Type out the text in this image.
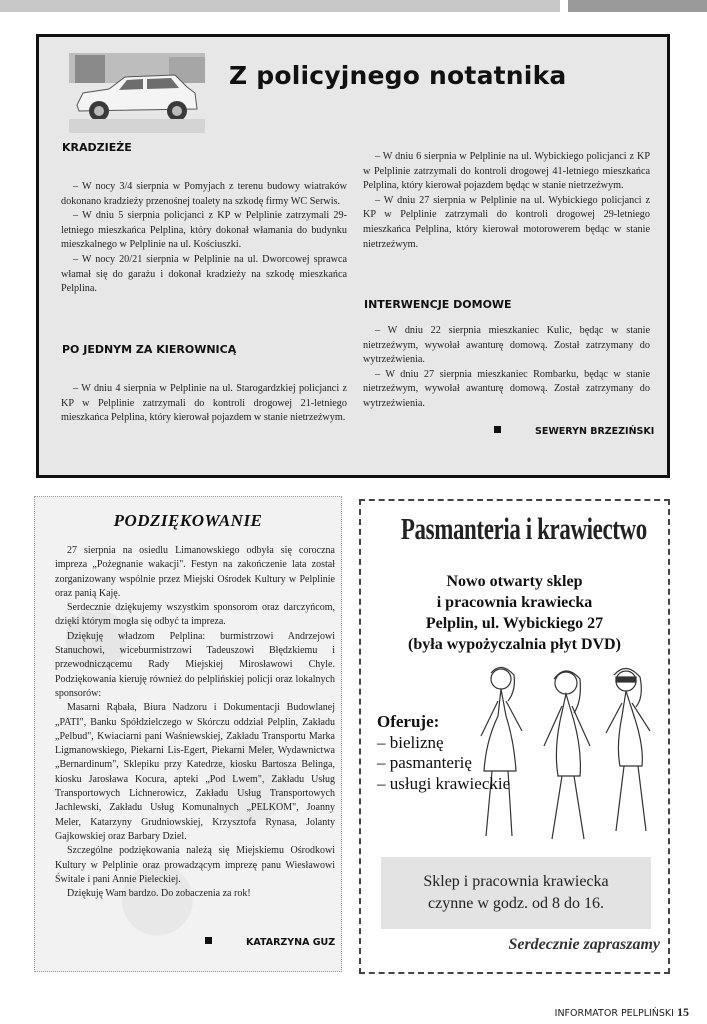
Z policyjnego notatnika
KRADZIEŻE

– W nocy 3/4 sierpnia w Pomyjach z terenu budowy wiatraków dokonano kradzieży przenośnej toalety na szkodę firmy WC Serwis.

– W dniu 5 sierpnia policjanci z KP w Pelplinie zatrzymali 29-letniego mieszkańca Pelplina, który dokonał włamania do budynku mieszkalnego w Pelplinie na ul. Kościuszki.

– W nocy 20/21 sierpnia w Pelplinie na ul. Dworcowej sprawca włamał się do garażu i dokonał kradzieży na szkodę mieszkańca Pelplina.

PO JEDNYM ZA KIEROWNICĄ

– W dniu 4 sierpnia w Pelplinie na ul. Starogardzkiej policjanci z KP w Pelplinie zatrzymali do kontroli drogowej 21-letniego mieszkańca Pelplina, który kierował pojazdem w stanie nietrzeźwym.

– W dniu 6 sierpnia w Pelplinie na ul. Wybickiego policjanci z KP w Pelplinie zatrzymali do kontroli drogowej 41-letniego mieszkańca Pelplina, który kierował pojazdem będąc w stanie nietrzeźwym.

– W dniu 27 sierpnia w Pelplinie na ul. Wybickiego policjanci z KP w Pelplinie zatrzymali do kontroli drogowej 29-letniego mieszkańca Pelplina, który kierował motorowerem będąc w stanie nietrzeźwym.

INTERWENCJE DOMOWE

– W dniu 22 sierpnia mieszkaniec Kulic, będąc w stanie nietrzeźwym, wywołał awanturę domową. Został zatrzymany do wytrzeźwienia.

– W dniu 27 sierpnia mieszkaniec Rombarku, będąc w stanie nietrzeźwym, wywołał awanturę domową. Został zatrzymany do wytrzeźwienia.

SEWERYN BRZEZIŃSKI
PODZIĘKOWANIE

27 sierpnia na osiedlu Limanowskiego odbyła się coroczna impreza „Pożegnanie wakacji". Festyn na zakończenie lata został zorganizowany wspólnie przez Miejski Ośrodek Kultury w Pelplinie oraz panią Kaję.

Serdecznie dziękujemy wszystkim sponsorom oraz darczyńcom, dzięki którym mogła się odbyć ta impreza.

Dziękuję władzom Pelplina: burmistrzowi Andrzejowi Stanuchowi, wiceburmistrzowi Tadeuszowi Błędzkiemu i przewodniczącemu Rady Miejskiej Mirosławowi Chyle. Podziękowania kieruję również do pelplińskiej policji oraz lokalnych sponsorów:

Masarni Rąbała, Biura Nadzoru i Dokumentacji Budowlanej „PATI", Banku Spółdzielczego w Skórczu oddział Pelplin, Zakładu „Pelbud", Kwiaciarni pani Waśniewskiej, Zakładu Transportu Marka Ligmanowskiego, Piekarni Lis-Egert, Piekarni Meler, Wydawnictwa „Bernardinum", Sklepiku przy Katedrze, kiosku Bartosza Belinga, kiosku Jarosława Kocura, apteki „Pod Lwem", Zakładu Usług Transportowych Lichnerowicz, Zakładu Usług Transportowych Jachlewski, Zakładu Usług Komunalnych „PELKOM", Joanny Meler, Katarzyny Grudniowskiej, Krzysztofa Rynasa, Jolanty Gajkowskiej oraz Barbary Dziel.

Szczególne podziękowania należą się Miejskiemu Ośrodkowi Kultury w Pelplinie oraz prowadzącym imprezę panu Wiesławowi Świtale i pani Annie Pieleckiej.

Dziękuję Wam bardzo. Do zobaczenia za rok!

KATARZYNA GUZ
Pasmanteria i krawiectwo
Nowo otwarty sklep
i pracownia krawiecka
Pelplin, ul. Wybickiego 27
(była wypożyczalnia płyt DVD)
Oferuje:
– bieliznę
– pasmanterię
– usługi krawieckie
Sklep i pracownia krawiecka
czynne w godz. od 8 do 16.
Serdecznie zapraszamy
INFORMATOR PELPLIŃSKI 15
